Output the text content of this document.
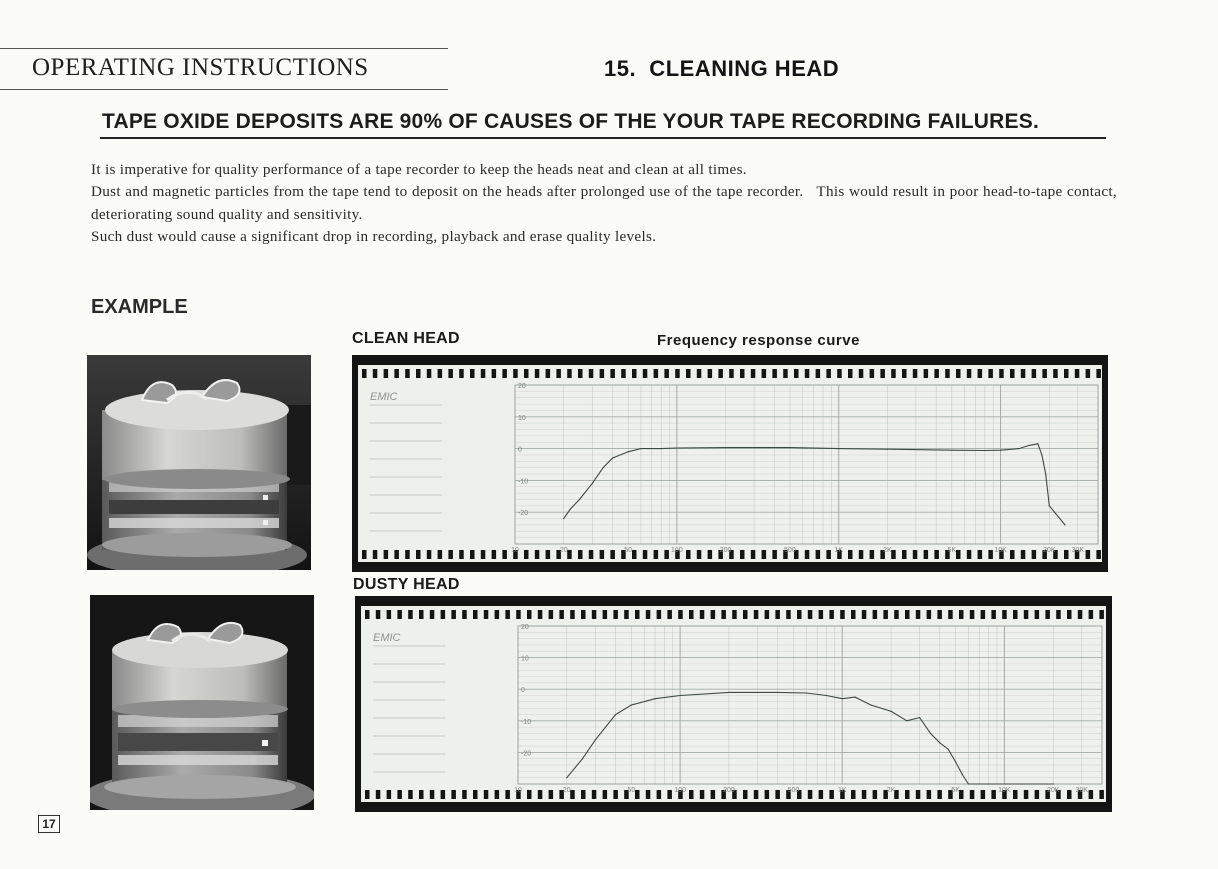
OPERATING INSTRUCTIONS	15.  CLEANING HEAD
TAPE OXIDE DEPOSITS ARE 90% OF CAUSES OF THE YOUR TAPE RECORDING FAILURES.
It is imperative for quality performance of a tape recorder to keep the heads neat and clean at all times.
Dust and magnetic particles from the tape tend to deposit on the heads after prolonged use of the tape recorder.   This would result in poor head-to-tape contact, deteriorating sound quality and sensitivity.
Such dust would cause a significant drop in recording, playback and erase quality levels.
EXAMPLE
CLEAN HEAD	Frequency response curve
DUSTY HEAD
EMIC
20
10
0
-10
-20
10	20	50	100	200	500	1K	2K	5K	10K	20K 30K
EMIC
20
10
0
-10
-20
10	20	50	100	200	500	1K	2K	5K	10K	20K 30K
17
